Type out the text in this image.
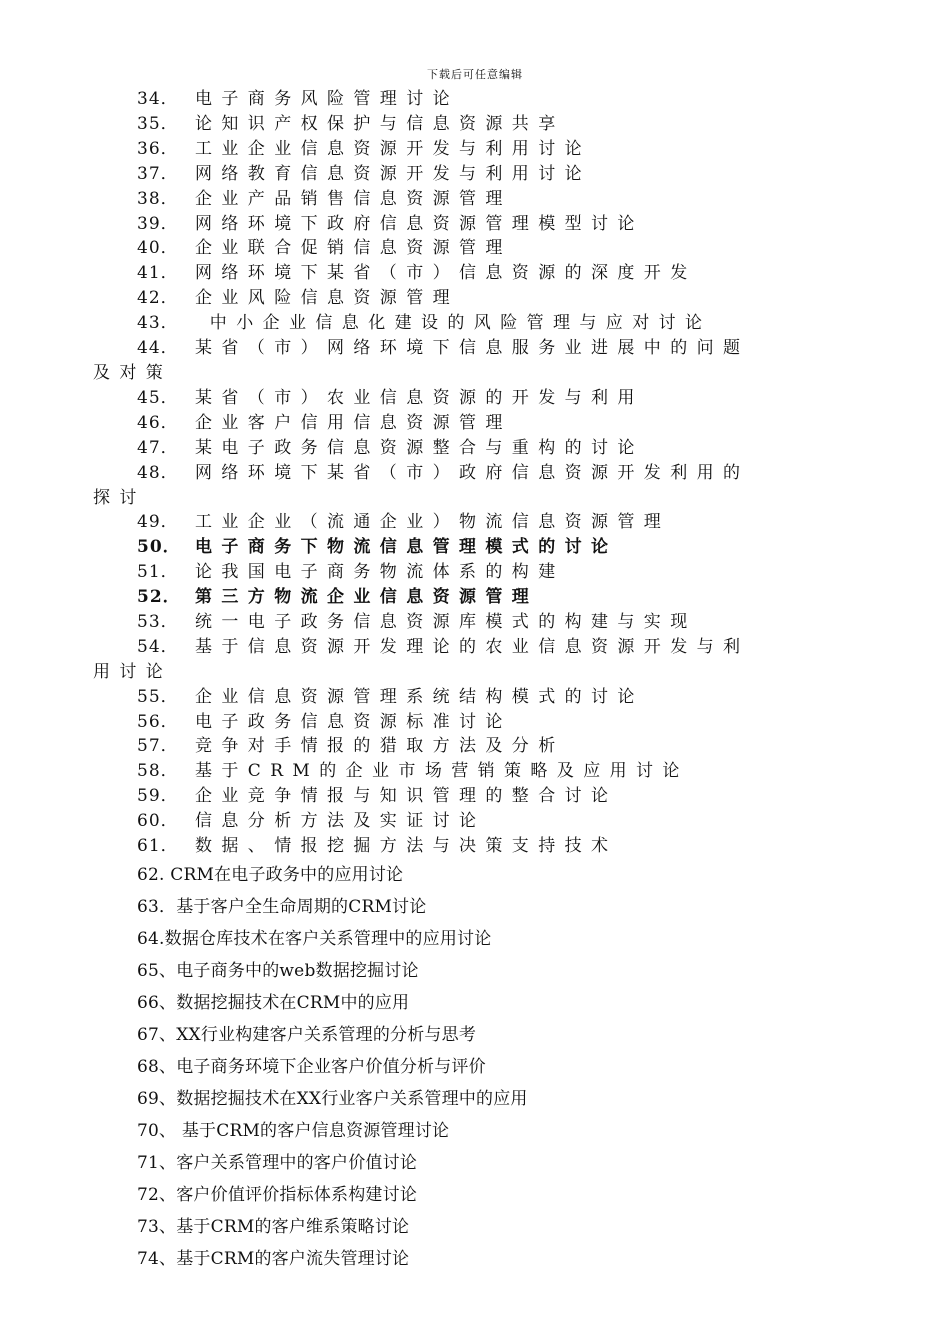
下载后可任意编辑
34． 电子商务风险管理讨论
35． 论知识产权保护与信息资源共享
36． 工业企业信息资源开发与利用讨论
37． 网络教育信息资源开发与利用讨论
38． 企业产品销售信息资源管理
39． 网络环境下政府信息资源管理模型讨论
40． 企业联合促销信息资源管理
41． 网络环境下某省（市）信息资源的深度开发
42． 企业风险信息资源管理
43． 中小企业信息化建设的风险管理与应对讨论
44． 某省（市）网络环境下信息服务业进展中的问题
及对策
45． 某省（市）农业信息资源的开发与利用
46． 企业客户信用信息资源管理
47． 某电子政务信息资源整合与重构的讨论
48． 网络环境下某省（市）政府信息资源开发利用的
探讨
49． 工业企业（流通企业）物流信息资源管理
50． 电子商务下物流信息管理模式的讨论
51． 论我国电子商务物流体系的构建
52． 第三方物流企业信息资源管理
53． 统一电子政务信息资源库模式的构建与实现
54． 基于信息资源开发理论的农业信息资源开发与利
用讨论
55． 企业信息资源管理系统结构模式的讨论
56． 电子政务信息资源标准讨论
57． 竞争对手情报的猎取方法及分析
58． 基于CRM的企业市场营销策略及应用讨论
59． 企业竞争情报与知识管理的整合讨论
60． 信息分析方法及实证讨论
61． 数据、情报挖掘方法与决策支持技术
62. CRM在电子政务中的应用讨论
63．基于客户全生命周期的CRM讨论
64.数据仓库技术在客户关系管理中的应用讨论
65、电子商务中的web数据挖掘讨论
66、数据挖掘技术在CRM中的应用
67、XX行业构建客户关系管理的分析与思考
68、电子商务环境下企业客户价值分析与评价
69、数据挖掘技术在XX行业客户关系管理中的应用
70、 基于CRM的客户信息资源管理讨论
71、客户关系管理中的客户价值讨论
72、客户价值评价指标体系构建讨论
73、基于CRM的客户维系策略讨论
74、基于CRM的客户流失管理讨论
